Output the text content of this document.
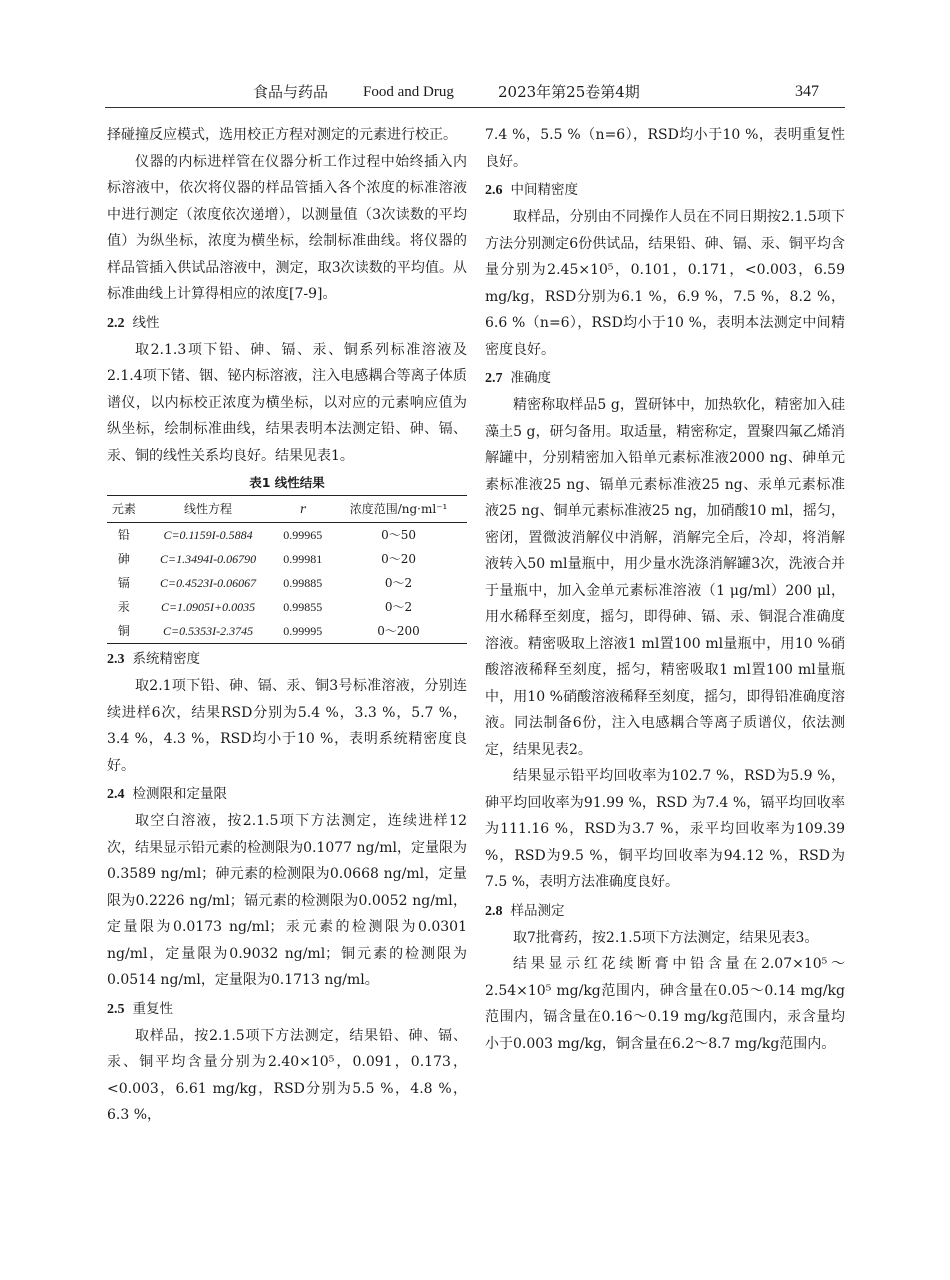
食品与药品 Food and Drug	2023年第25卷第4期	347

择碰撞反应模式，选用校正方程对测定的元素进行校正。

仪器的内标进样管在仪器分析工作过程中始终插入内标溶液中，依次将仪器的样品管插入各个浓度的标准溶液中进行测定（浓度依次递增），以测量值（3次读数的平均值）为纵坐标，浓度为横坐标，绘制标准曲线。将仪器的样品管插入供试品溶液中，测定，取3次读数的平均值。从标准曲线上计算得相应的浓度[7-9]。

2.2 线性

取2.1.3项下铅、砷、镉、汞、铜系列标准溶液及2.1.4项下锗、铟、铋内标溶液，注入电感耦合等离子体质谱仪，以内标校正浓度为横坐标，以对应的元素响应值为纵坐标，绘制标准曲线，结果表明本法测定铅、砷、镉、汞、铜的线性关系均良好。结果见表1。

表1 线性结果
元素	线性方程	r	浓度范围/ng·ml⁻¹
铅	C=0.1159I-0.5884	0.99965	0～50
砷	C=1.3494I-0.06790	0.99981	0～20
镉	C=0.4523I-0.06067	0.99885	0～2
汞	C=1.0905I+0.0035	0.99855	0～2
铜	C=0.5353I-2.3745	0.99995	0～200
2.3 系统精密度

取2.1项下铅、砷、镉、汞、铜3号标准溶液，分别连续进样6次，结果RSD分别为5.4 %，3.3 %，5.7 %，3.4 %，4.3 %，RSD均小于10 %，表明系统精密度良好。

2.4 检测限和定量限

取空白溶液，按2.1.5项下方法测定，连续进样12次，结果显示铅元素的检测限为0.1077 ng/ml，定量限为0.3589 ng/ml；砷元素的检测限为0.0668 ng/ml，定量限为0.2226 ng/ml；镉元素的检测限为0.0052 ng/ml，定量限为0.0173 ng/ml；汞元素的检测限为0.0301 ng/ml，定量限为0.9032 ng/ml；铜元素的检测限为0.0514 ng/ml，定量限为0.1713 ng/ml。

2.5 重复性

取样品，按2.1.5项下方法测定，结果铅、砷、镉、汞、铜平均含量分别为2.40×10⁵，0.091，0.173，<0.003，6.61 mg/kg，RSD分别为5.5 %，4.8 %，6.3 %，

7.4 %，5.5 %（n=6），RSD均小于10 %，表明重复性良好。

2.6 中间精密度

取样品，分别由不同操作人员在不同日期按2.1.5项下方法分别测定6份供试品，结果铅、砷、镉、汞、铜平均含量分别为2.45×10⁵，0.101，0.171，<0.003，6.59 mg/kg，RSD分别为6.1 %，6.9 %，7.5 %，8.2 %，6.6 %（n=6），RSD均小于10 %，表明本法测定中间精密度良好。

2.7 准确度

精密称取样品5 g，置研钵中，加热软化，精密加入硅藻土5 g，研匀备用。取适量，精密称定，置聚四氟乙烯消解罐中，分别精密加入铅单元素标准液2000 ng、砷单元素标准液25 ng、镉单元素标准液25 ng、汞单元素标准液25 ng、铜单元素标准液25 ng，加硝酸10 ml，摇匀，密闭，置微波消解仪中消解，消解完全后，冷却，将消解液转入50 ml量瓶中，用少量水洗涤消解罐3次，洗液合并于量瓶中，加入金单元素标准溶液（1 μg/ml）200 μl，用水稀释至刻度，摇匀，即得砷、镉、汞、铜混合准确度溶液。精密吸取上溶液1 ml置100 ml量瓶中，用10 %硝酸溶液稀释至刻度，摇匀，精密吸取1 ml置100 ml量瓶中，用10 %硝酸溶液稀释至刻度，摇匀，即得铅准确度溶液。同法制备6份，注入电感耦合等离子质谱仪，依法测定，结果见表2。

结果显示铅平均回收率为102.7 %，RSD为5.9 %，砷平均回收率为91.99 %，RSD 为7.4 %，镉平均回收率为111.16 %，RSD为3.7 %，汞平均回收率为109.39 %，RSD为9.5 %，铜平均回收率为94.12 %，RSD为7.5 %，表明方法准确度良好。

2.8 样品测定

取7批膏药，按2.1.5项下方法测定，结果见表3。

结果显示红花续断膏中铅含量在2.07×10⁵～2.54×10⁵ mg/kg范围内，砷含量在0.05～0.14 mg/kg范围内，镉含量在0.16～0.19 mg/kg范围内，汞含量均小于0.003 mg/kg，铜含量在6.2～8.7 mg/kg范围内。
